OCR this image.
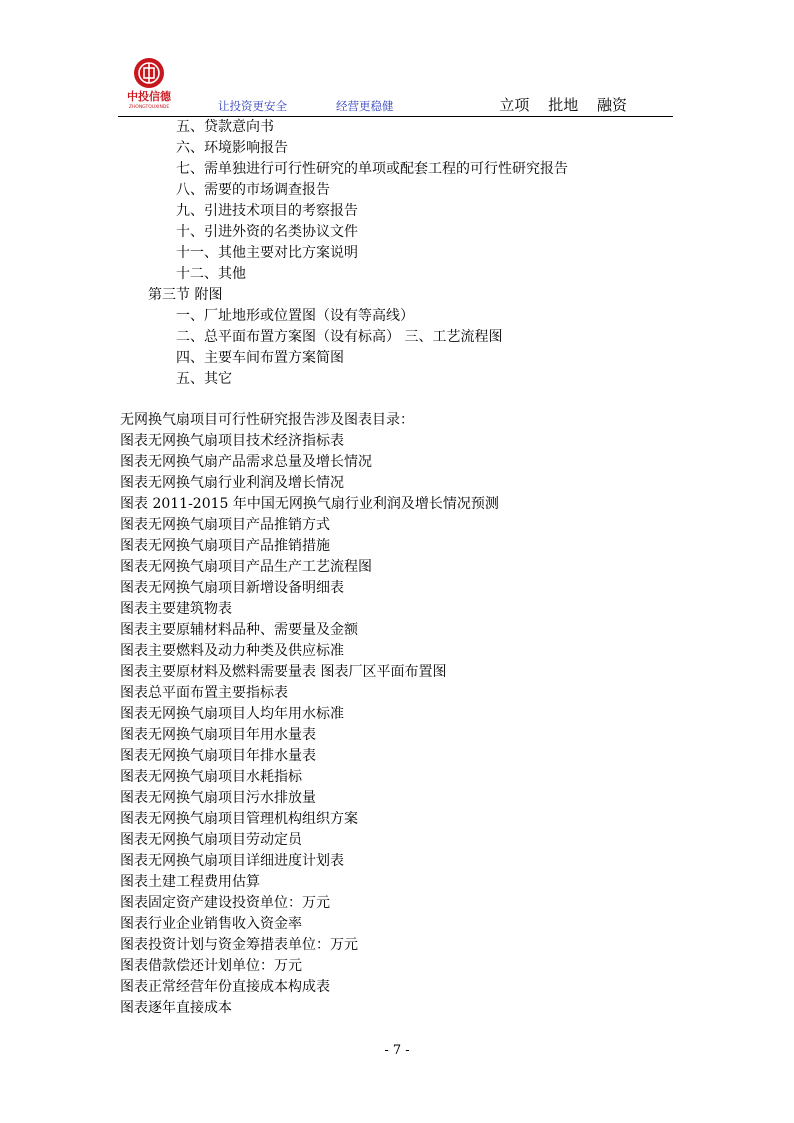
中投信德
ZHONGTOUXINDE	让投资更安全	经营更稳健	立项 批地 融资
五、贷款意向书
六、环境影响报告
七、需单独进行可行性研究的单项或配套工程的可行性研究报告
八、需要的市场调查报告
九、引进技术项目的考察报告
十、引进外资的名类协议文件
十一、其他主要对比方案说明
十二、其他
第三节 附图
一、厂址地形或位置图（设有等高线）
二、总平面布置方案图（设有标高） 三、工艺流程图
四、主要车间布置方案简图
五、其它
无网换气扇项目可行性研究报告涉及图表目录：
图表无网换气扇项目技术经济指标表
图表无网换气扇产品需求总量及增长情况
图表无网换气扇行业利润及增长情况
图表 2011-2015 年中国无网换气扇行业利润及增长情况预测
图表无网换气扇项目产品推销方式
图表无网换气扇项目产品推销措施
图表无网换气扇项目产品生产工艺流程图
图表无网换气扇项目新增设备明细表
图表主要建筑物表
图表主要原辅材料品种、需要量及金额
图表主要燃料及动力种类及供应标准
图表主要原材料及燃料需要量表 图表厂区平面布置图
图表总平面布置主要指标表
图表无网换气扇项目人均年用水标准
图表无网换气扇项目年用水量表
图表无网换气扇项目年排水量表
图表无网换气扇项目水耗指标
图表无网换气扇项目污水排放量
图表无网换气扇项目管理机构组织方案
图表无网换气扇项目劳动定员
图表无网换气扇项目详细进度计划表
图表土建工程费用估算
图表固定资产建设投资单位：万元
图表行业企业销售收入资金率
图表投资计划与资金筹措表单位：万元
图表借款偿还计划单位：万元
图表正常经营年份直接成本构成表
图表逐年直接成本
- 7 -
